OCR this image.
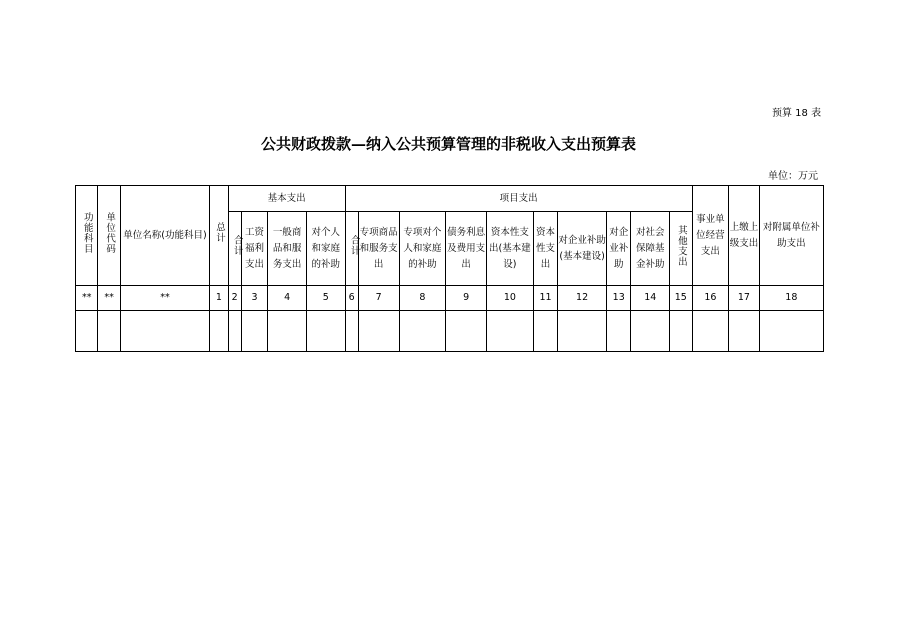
预算 18 表
公共财政拨款—纳入公共预算管理的非税收入支出预算表
单位：万元
功能科目	单位代码	单位名称(功能科目)	总计	基本支出				项目支出										事业单位经营支出	上缴上级支出	对附属单位补助支出
				合计	工资福利支出	一般商品和服务支出	对个人和家庭的补助	合计	专项商品和服务支出	专项对个人和家庭的补助	债务利息及费用支出	资本性支出(基本建设)	资本性支出	对企业补助(基本建设)	对企业补助	对社会保障基金补助	其他支出			
**	**	**	1	2	3	4	5	6	7	8	9	10	11	12	13	14	15	16	17	18
